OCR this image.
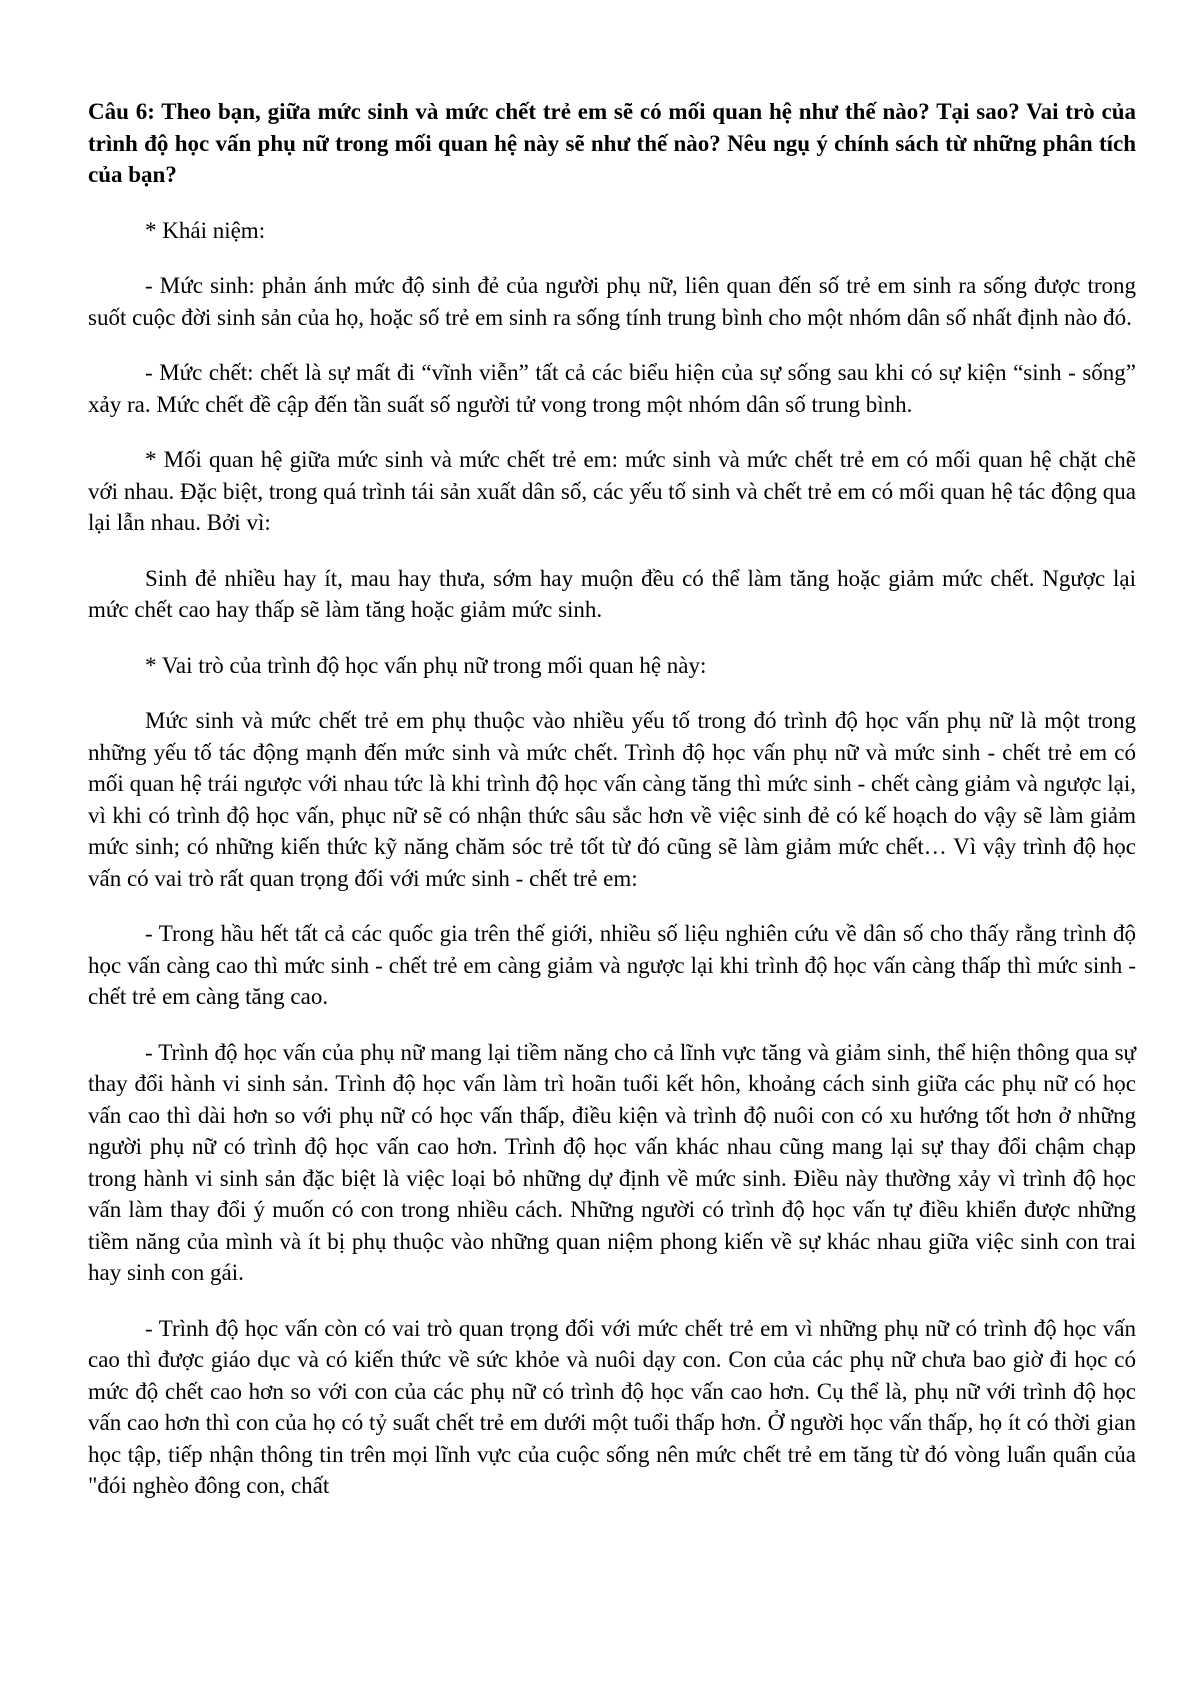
Câu 6: Theo bạn, giữa mức sinh và mức chết trẻ em sẽ có mối quan hệ như thế nào? Tại sao? Vai trò của trình độ học vấn phụ nữ trong mối quan hệ này sẽ như thế nào? Nêu ngụ ý chính sách từ những phân tích của bạn?

* Khái niệm:

- Mức sinh: phản ánh mức độ sinh đẻ của người phụ nữ, liên quan đến số trẻ em sinh ra sống được trong suốt cuộc đời sinh sản của họ, hoặc số trẻ em sinh ra sống tính trung bình cho một nhóm dân số nhất định nào đó.

- Mức chết: chết là sự mất đi “vĩnh viễn” tất cả các biểu hiện của sự sống sau khi có sự kiện “sinh - sống” xảy ra. Mức chết đề cập đến tần suất số người tử vong trong một nhóm dân số trung bình.

* Mối quan hệ giữa mức sinh và mức chết trẻ em: mức sinh và mức chết trẻ em có mối quan hệ chặt chẽ với nhau. Đặc biệt, trong quá trình tái sản xuất dân số, các yếu tố sinh và chết trẻ em có mối quan hệ tác động qua lại lẫn nhau. Bởi vì:

Sinh đẻ nhiều hay ít, mau hay thưa, sớm hay muộn đều có thể làm tăng hoặc giảm mức chết. Ngược lại mức chết cao hay thấp sẽ làm tăng hoặc giảm mức sinh.

* Vai trò của trình độ học vấn phụ nữ trong mối quan hệ này:

Mức sinh và mức chết trẻ em phụ thuộc vào nhiều yếu tố trong đó trình độ học vấn phụ nữ là một trong những yếu tố tác động mạnh đến mức sinh và mức chết. Trình độ học vấn phụ nữ và mức sinh - chết trẻ em có mối quan hệ trái ngược với nhau tức là khi trình độ học vấn càng tăng thì mức sinh - chết càng giảm và ngược lại, vì khi có trình độ học vấn, phục nữ sẽ có nhận thức sâu sắc hơn về việc sinh đẻ có kế hoạch do vậy sẽ làm giảm mức sinh; có những kiến thức kỹ năng chăm sóc trẻ tốt từ đó cũng sẽ làm giảm mức chết… Vì vậy trình độ học vấn có vai trò rất quan trọng đối với mức sinh - chết trẻ em:

- Trong hầu hết tất cả các quốc gia trên thế giới, nhiều số liệu nghiên cứu về dân số cho thấy rằng trình độ học vấn càng cao thì mức sinh - chết trẻ em càng giảm và ngược lại khi trình độ học vấn càng thấp thì mức sinh - chết trẻ em càng tăng cao.

- Trình độ học vấn của phụ nữ mang lại tiềm năng cho cả lĩnh vực tăng và giảm sinh, thể hiện thông qua sự thay đổi hành vi sinh sản. Trình độ học vấn làm trì hoãn tuổi kết hôn, khoảng cách sinh giữa các phụ nữ có học vấn cao thì dài hơn so với phụ nữ có học vấn thấp, điều kiện và trình độ nuôi con có xu hướng tốt hơn ở những người phụ nữ có trình độ học vấn cao hơn. Trình độ học vấn khác nhau cũng mang lại sự thay đổi chậm chạp trong hành vi sinh sản đặc biệt là việc loại bỏ những dự định về mức sinh. Điều này thường xảy vì trình độ học vấn làm thay đổi ý muốn có con trong nhiều cách. Những người có trình độ học vấn tự điều khiển được những tiềm năng của mình và ít bị phụ thuộc vào những quan niệm phong kiến về sự khác nhau giữa việc sinh con trai hay sinh con gái.

- Trình độ học vấn còn có vai trò quan trọng đối với mức chết trẻ em vì những phụ nữ có trình độ học vấn cao thì được giáo dục và có kiến thức về sức khỏe và nuôi dạy con. Con của các phụ nữ chưa bao giờ đi học có mức độ chết cao hơn so với con của các phụ nữ có trình độ học vấn cao hơn. Cụ thể là, phụ nữ với trình độ học vấn cao hơn thì con của họ có tỷ suất chết trẻ em dưới một tuổi thấp hơn. Ở người học vấn thấp, họ ít có thời gian học tập, tiếp nhận thông tin trên mọi lĩnh vực của cuộc sống nên mức chết trẻ em tăng từ đó vòng luẩn quẩn của "đói nghèo đông con, chất
